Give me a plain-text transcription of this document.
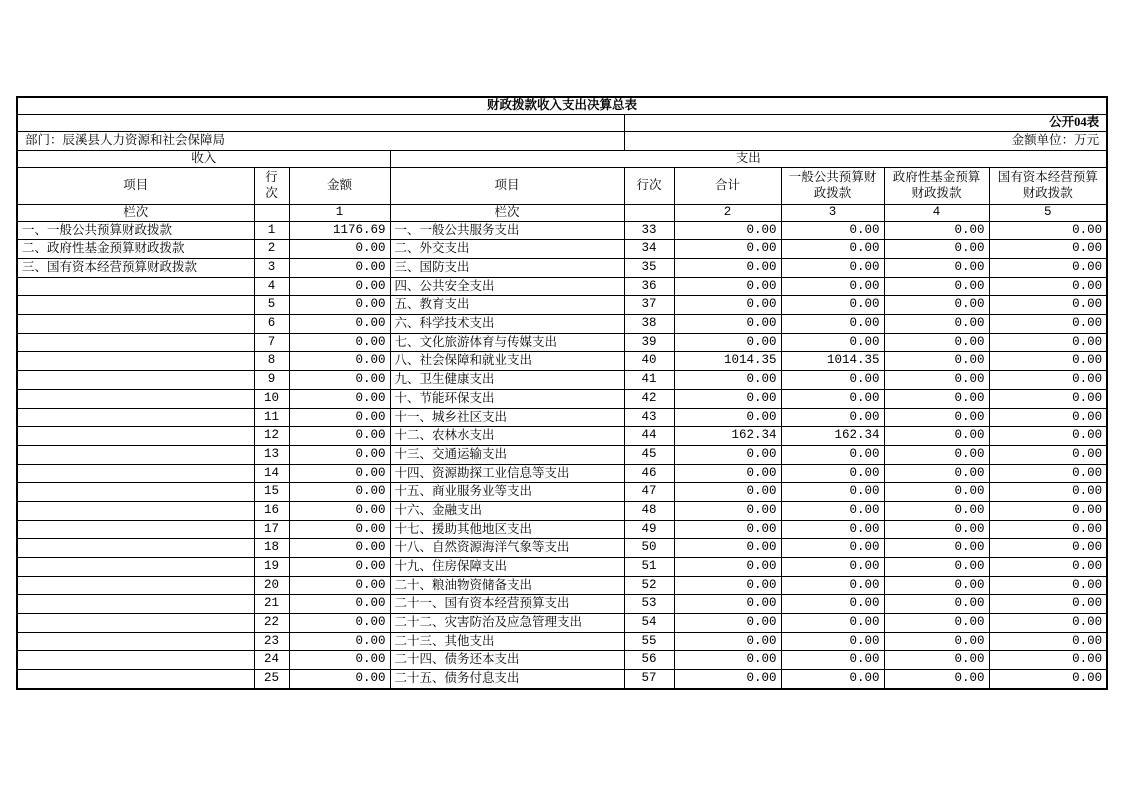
财政拨款收入支出决算总表								
				公开04表				
部门：辰溪县人力资源和社会保障局				金额单位：万元				
收入			支出					
项目	行次	金额	项目	行次	合计	一般公共预算财政拨款	政府性基金预算财政拨款	国有资本经营预算财政拨款
栏次		1	栏次		2	3	4	5
一、一般公共预算财政拨款	1	1176.69	一、一般公共服务支出	33	0.00	0.00	0.00	0.00
二、政府性基金预算财政拨款	2	0.00	二、外交支出	34	0.00	0.00	0.00	0.00
三、国有资本经营预算财政拨款	3	0.00	三、国防支出	35	0.00	0.00	0.00	0.00
	4	0.00	四、公共安全支出	36	0.00	0.00	0.00	0.00
	5	0.00	五、教育支出	37	0.00	0.00	0.00	0.00
	6	0.00	六、科学技术支出	38	0.00	0.00	0.00	0.00
	7	0.00	七、文化旅游体育与传媒支出	39	0.00	0.00	0.00	0.00
	8	0.00	八、社会保障和就业支出	40	1014.35	1014.35	0.00	0.00
	9	0.00	九、卫生健康支出	41	0.00	0.00	0.00	0.00
	10	0.00	十、节能环保支出	42	0.00	0.00	0.00	0.00
	11	0.00	十一、城乡社区支出	43	0.00	0.00	0.00	0.00
	12	0.00	十二、农林水支出	44	162.34	162.34	0.00	0.00
	13	0.00	十三、交通运输支出	45	0.00	0.00	0.00	0.00
	14	0.00	十四、资源勘探工业信息等支出	46	0.00	0.00	0.00	0.00
	15	0.00	十五、商业服务业等支出	47	0.00	0.00	0.00	0.00
	16	0.00	十六、金融支出	48	0.00	0.00	0.00	0.00
	17	0.00	十七、援助其他地区支出	49	0.00	0.00	0.00	0.00
	18	0.00	十八、自然资源海洋气象等支出	50	0.00	0.00	0.00	0.00
	19	0.00	十九、住房保障支出	51	0.00	0.00	0.00	0.00
	20	0.00	二十、粮油物资储备支出	52	0.00	0.00	0.00	0.00
	21	0.00	二十一、国有资本经营预算支出	53	0.00	0.00	0.00	0.00
	22	0.00	二十二、灾害防治及应急管理支出	54	0.00	0.00	0.00	0.00
	23	0.00	二十三、其他支出	55	0.00	0.00	0.00	0.00
	24	0.00	二十四、债务还本支出	56	0.00	0.00	0.00	0.00
	25	0.00	二十五、债务付息支出	57	0.00	0.00	0.00	0.00
